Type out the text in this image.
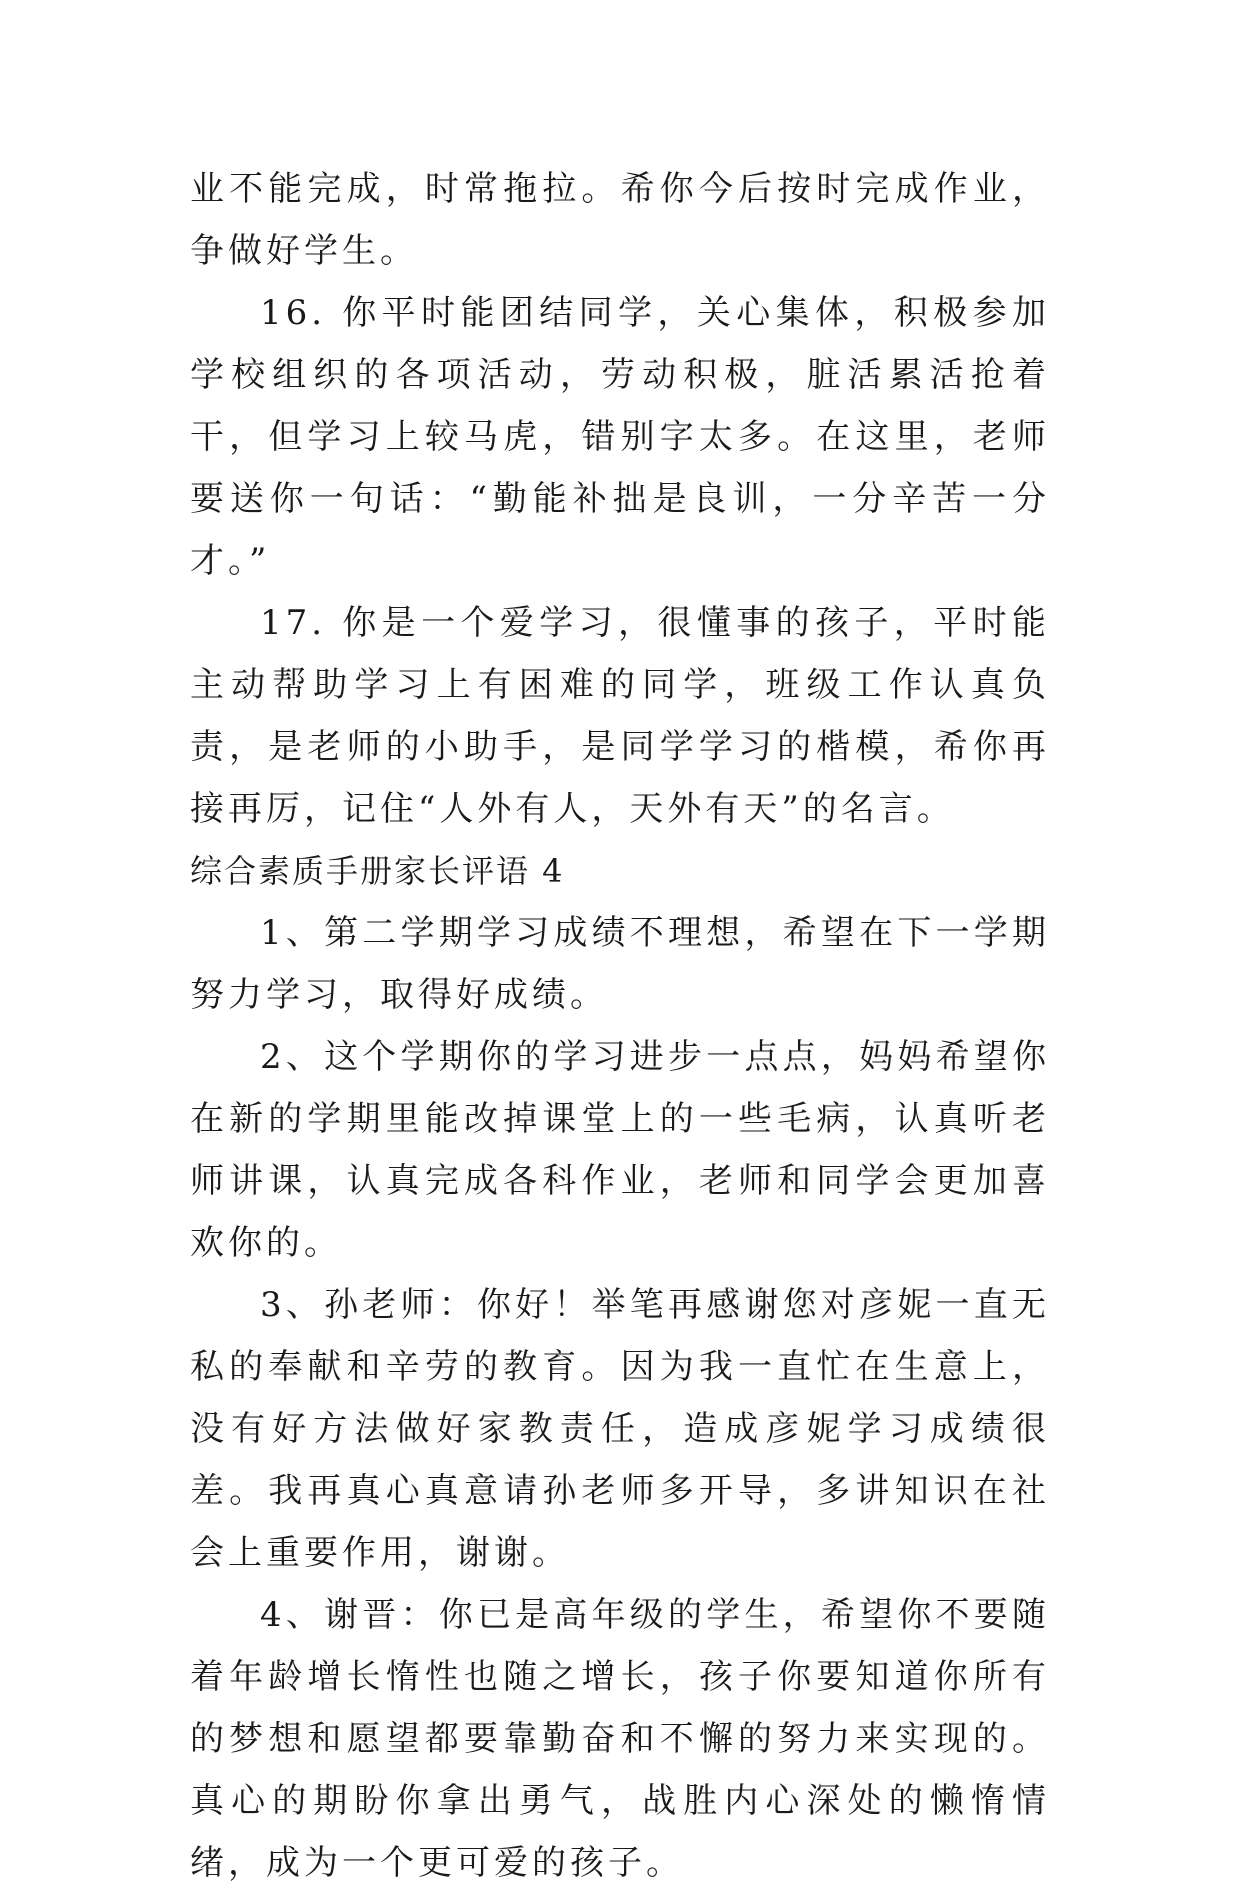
业不能完成，时常拖拉。希你今后按时完成作业，争做好学生。

16. 你平时能团结同学，关心集体，积极参加学校组织的各项活动，劳动积极，脏活累活抢着干，但学习上较马虎，错别字太多。在这里，老师要送你一句话：“勤能补拙是良训，一分辛苦一分才。”

17. 你是一个爱学习，很懂事的孩子，平时能主动帮助学习上有困难的同学，班级工作认真负责，是老师的小助手，是同学学习的楷模，希你再接再厉，记住“人外有人，天外有天”的名言。

综合素质手册家长评语 4

1、第二学期学习成绩不理想，希望在下一学期努力学习，取得好成绩。

2、这个学期你的学习进步一点点，妈妈希望你在新的学期里能改掉课堂上的一些毛病，认真听老师讲课，认真完成各科作业，老师和同学会更加喜欢你的。

3、孙老师：你好！举笔再感谢您对彦妮一直无私的奉献和辛劳的教育。因为我一直忙在生意上，没有好方法做好家教责任，造成彦妮学习成绩很差。我再真心真意请孙老师多开导，多讲知识在社会上重要作用，谢谢。

4、谢晋：你已是高年级的学生，希望你不要随着年龄增长惰性也随之增长，孩子你要知道你所有的梦想和愿望都要靠勤奋和不懈的努力来实现的。真心的期盼你拿出勇气，战胜内心深处的懒惰情绪，成为一个更可爱的孩子。
